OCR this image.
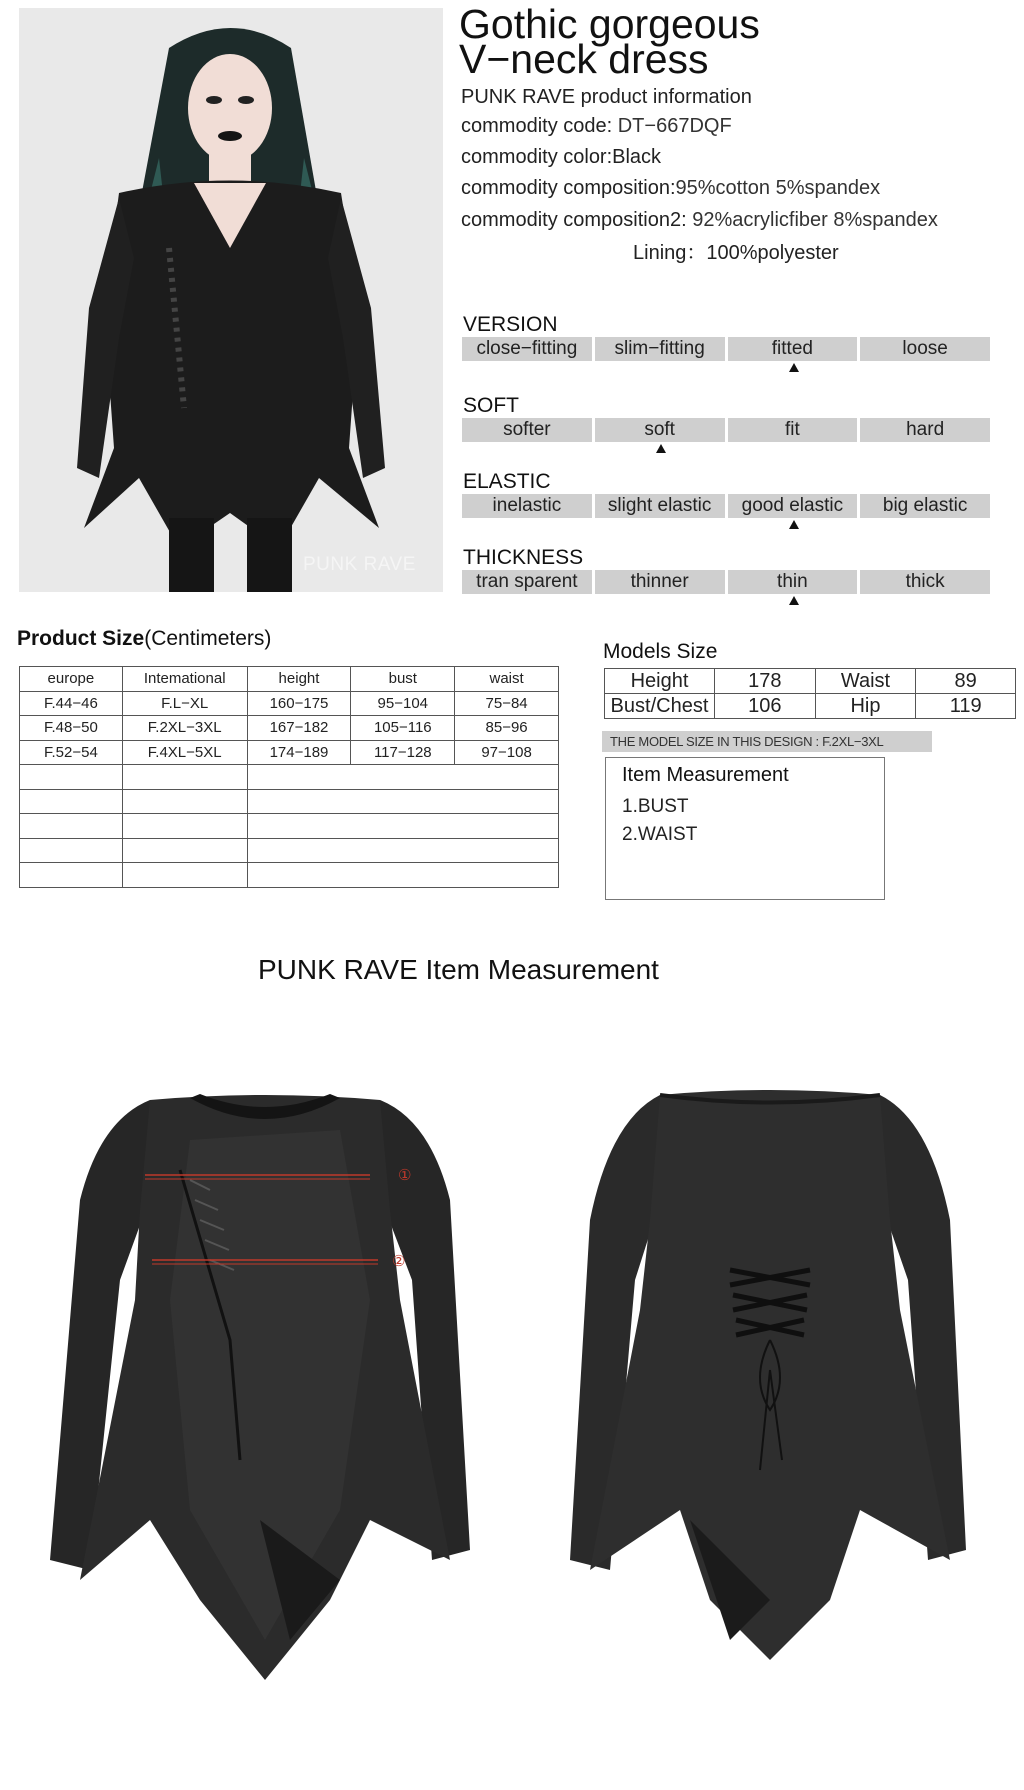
PUNK RAVE
Gothic gorgeous
V−neck dress
PUNK RAVE product information
commodity code: DT−667DQF
commodity color:Black
commodity composition:95%cotton 5%spandex
commodity composition2: 92%acrylicfiber 8%spandex
Lining：100%polyester
VERSION
close−fitting	slim−fitting	fitted	loose
SOFT
softer	soft	fit	hard
ELASTIC
inelastic	slight elastic	good elastic	big elastic
THICKNESS
tran sparent	thinner	thin	thick
Product Size(Centimeters)
europe	Intemational	height	bust	waist
F.44−46	F.L−XL	160−175	95−104	75−84
F.48−50	F.2XL−3XL	167−182	105−116	85−96
F.52−54	F.4XL−5XL	174−189	117−128	97−108

Models Size
Height	178	Waist	89
Bust/Chest	106	Hip	119
THE MODEL SIZE IN THIS DESIGN : F.2XL−3XL
Item Measurement
1.BUST
2.WAIST
PUNK RAVE Item Measurement
①
②
